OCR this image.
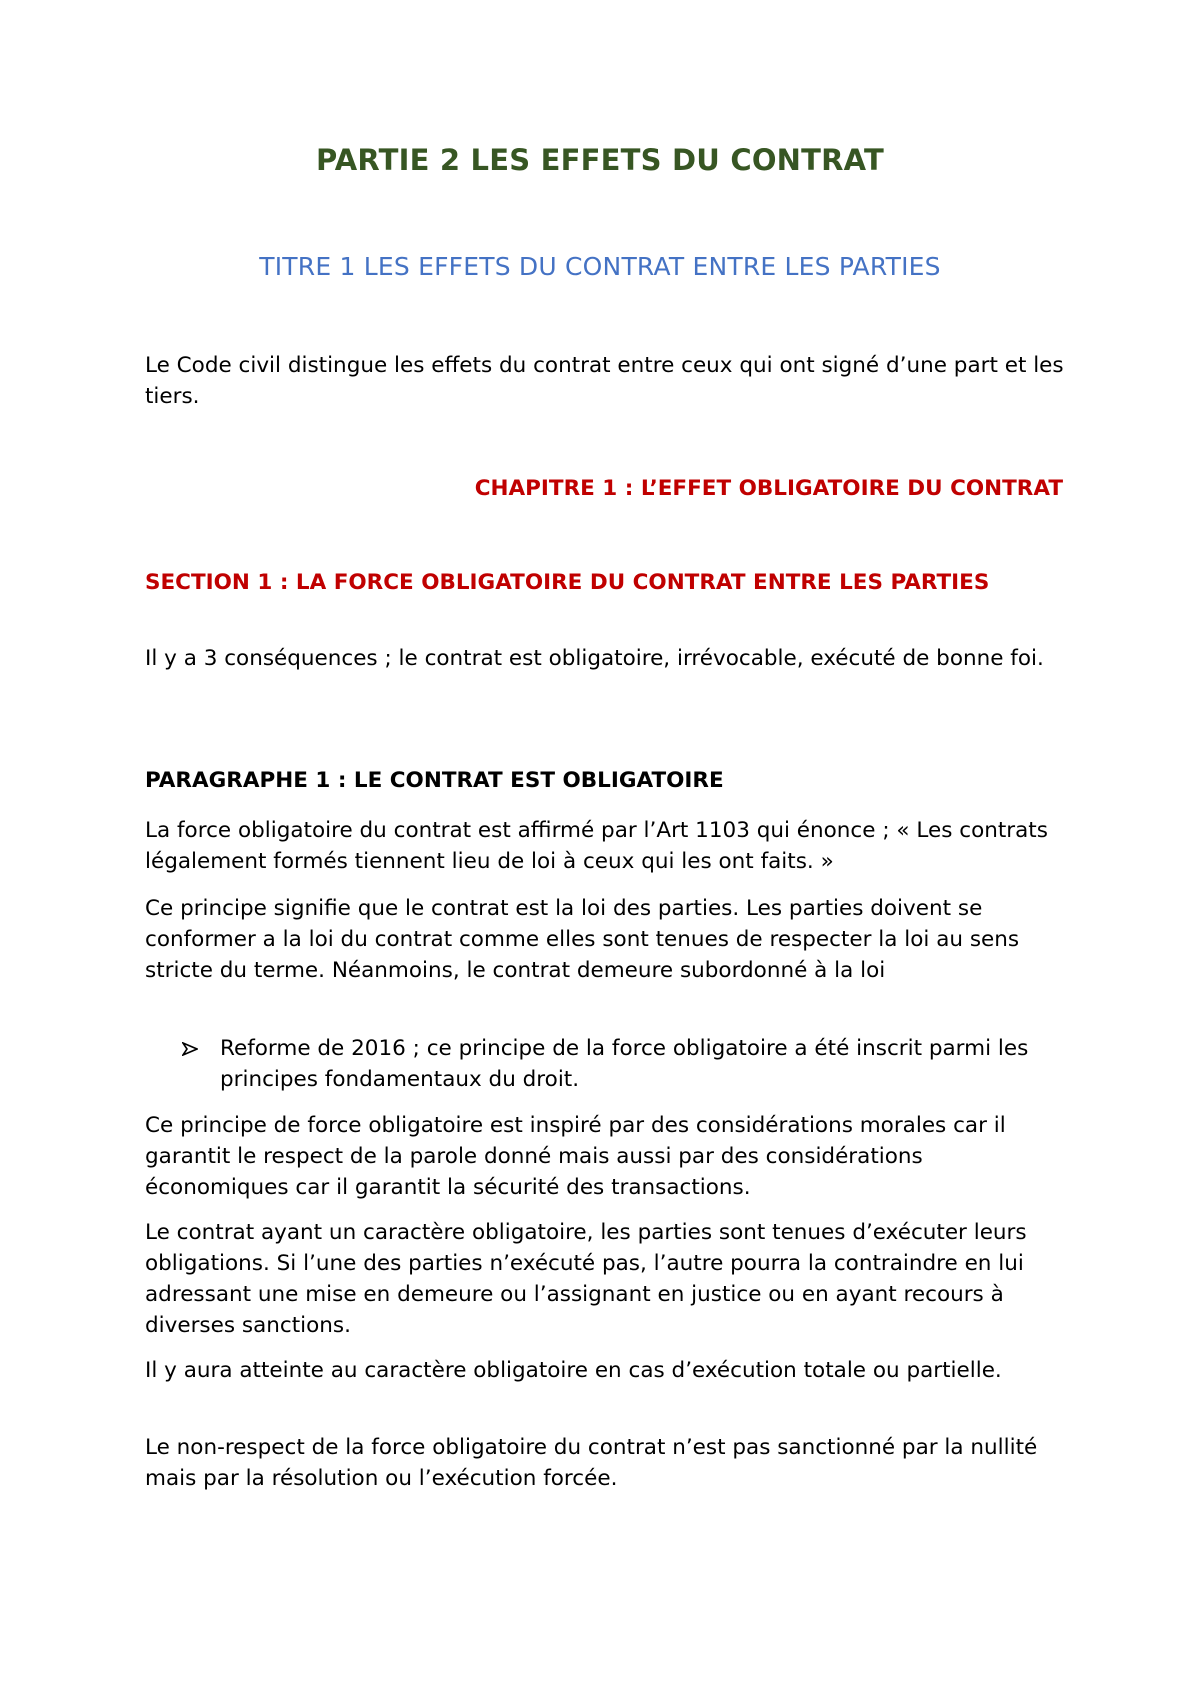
PARTIE 2 LES EFFETS DU CONTRAT
TITRE 1 LES EFFETS DU CONTRAT ENTRE LES PARTIES

Le Code civil distingue les effets du contrat entre ceux qui ont signé d’une part et les tiers.

CHAPITRE 1 : L’EFFET OBLIGATOIRE DU CONTRAT
SECTION 1 : LA FORCE OBLIGATOIRE DU CONTRAT ENTRE LES PARTIES

Il y a 3 conséquences ; le contrat est obligatoire, irrévocable, exécuté de bonne foi.

PARAGRAPHE 1 : LE CONTRAT EST OBLIGATOIRE

La force obligatoire du contrat est affirmé par l’Art 1103 qui énonce ; « Les contrats légalement formés tiennent lieu de loi à ceux qui les ont faits. »

Ce principe signifie que le contrat est la loi des parties. Les parties doivent se conformer a la loi du contrat comme elles sont tenues de respecter la loi au sens stricte du terme. Néanmoins, le contrat demeure subordonné à la loi

Reforme de 2016 ; ce principe de la force obligatoire a été inscrit parmi les principes fondamentaux du droit.

Ce principe de force obligatoire est inspiré par des considérations morales car il garantit le respect de la parole donné mais aussi par des considérations économiques car il garantit la sécurité des transactions.

Le contrat ayant un caractère obligatoire, les parties sont tenues d’exécuter leurs obligations. Si l’une des parties n’exécuté pas, l’autre pourra la contraindre en lui adressant une mise en demeure ou l’assignant en justice ou en ayant recours à diverses sanctions.

Il y aura atteinte au caractère obligatoire en cas d’exécution totale ou partielle.

Le non-respect de la force obligatoire du contrat n’est pas sanctionné par la nullité mais par la résolution ou l’exécution forcée.
